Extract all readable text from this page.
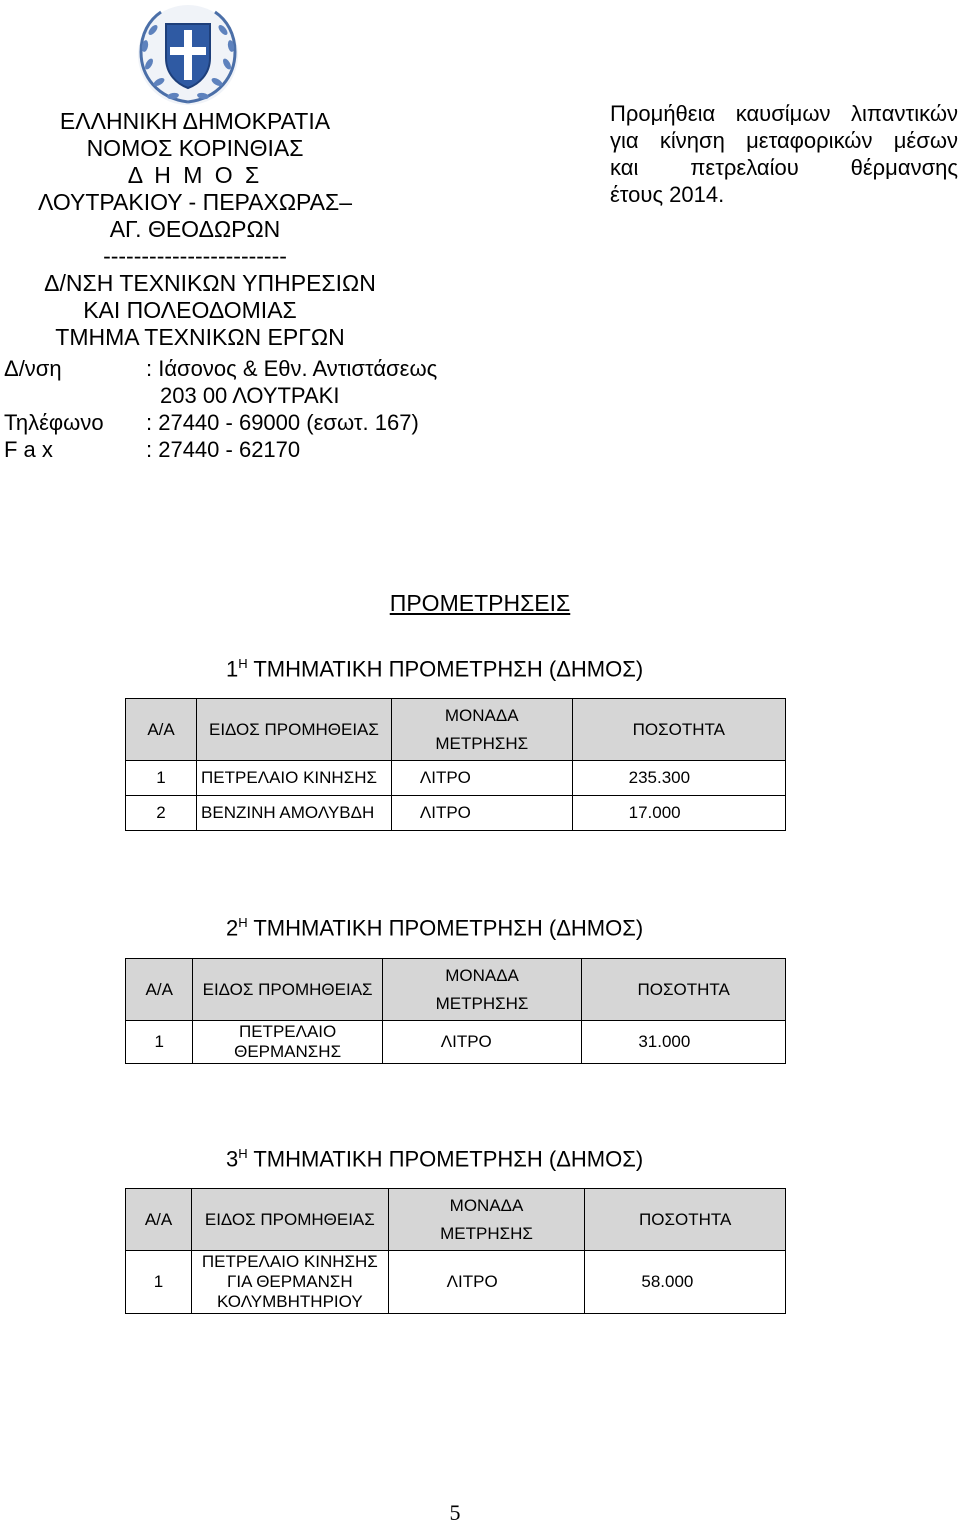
ΕΛΛΗΝΙΚΗ ΔΗΜΟΚΡΑΤΙΑ
ΝΟΜΟΣ ΚΟΡΙΝΘΙΑΣ
Δ Η Μ Ο Σ
ΛΟΥΤΡΑΚΙΟΥ - ΠΕΡΑΧΩΡΑΣ–
ΑΓ. ΘΕΟΔΩΡΩΝ
------------------------
Δ/ΝΣΗ ΤΕΧΝΙΚΩΝ ΥΠΗΡΕΣΙΩΝ
ΚΑΙ ΠΟΛΕΟΔΟΜΙΑΣ
ΤΜΗΜΑ ΤΕΧΝΙΚΩΝ ΕΡΓΩΝ
Δ/νση	: Ιάσονος & Εθν. Αντιστάσεως
203 00 ΛΟΥΤΡΑΚΙ
Τηλέφωνο : 27440 - 69000 (εσωτ. 167)
F a x	: 27440 - 62170
Προμήθεια καυσίμων λιπαντικών
για κίνηση μεταφορικών μέσων
και πετρελαίου θέρμανσης
έτους 2014.
ΠΡΟΜΕΤΡΗΣΕΙΣ
$1^H$ ΤΜΗΜΑΤΙΚΗ ΠΡΟΜΕΤΡΗΣΗ (ΔΗΜΟΣ)
Α/Α	ΕΙΔΟΣ ΠΡΟΜΗΘΕΙΑΣ	ΜΟΝΑΔΑ
ΜΕΤΡΗΣΗΣ	ΠΟΣΟΤΗΤΑ
1	ΠΕΤΡΕΛΑΙΟ ΚΙΝΗΣΗΣ	ΛΙΤΡΟ	235.300
2	ΒΕΝΖΙΝΗ ΑΜΟΛΥΒΔΗ	ΛΙΤΡΟ	17.000
$2^H$ ΤΜΗΜΑΤΙΚΗ ΠΡΟΜΕΤΡΗΣΗ (ΔΗΜΟΣ)
Α/Α	ΕΙΔΟΣ ΠΡΟΜΗΘΕΙΑΣ	ΜΟΝΑΔΑ
ΜΕΤΡΗΣΗΣ	ΠΟΣΟΤΗΤΑ
1	ΠΕΤΡΕΛΑΙΟ
ΘΕΡΜΑΝΣΗΣ	ΛΙΤΡΟ	31.000
$3^H$ ΤΜΗΜΑΤΙΚΗ ΠΡΟΜΕΤΡΗΣΗ (ΔΗΜΟΣ)
Α/Α	ΕΙΔΟΣ ΠΡΟΜΗΘΕΙΑΣ	ΜΟΝΑΔΑ
ΜΕΤΡΗΣΗΣ	ΠΟΣΟΤΗΤΑ
1	ΠΕΤΡΕΛΑΙΟ ΚΙΝΗΣΗΣ
ΓΙΑ ΘΕΡΜΑΝΣΗ
ΚΟΛΥΜΒΗΤΗΡΙΟΥ	ΛΙΤΡΟ	58.000
5
